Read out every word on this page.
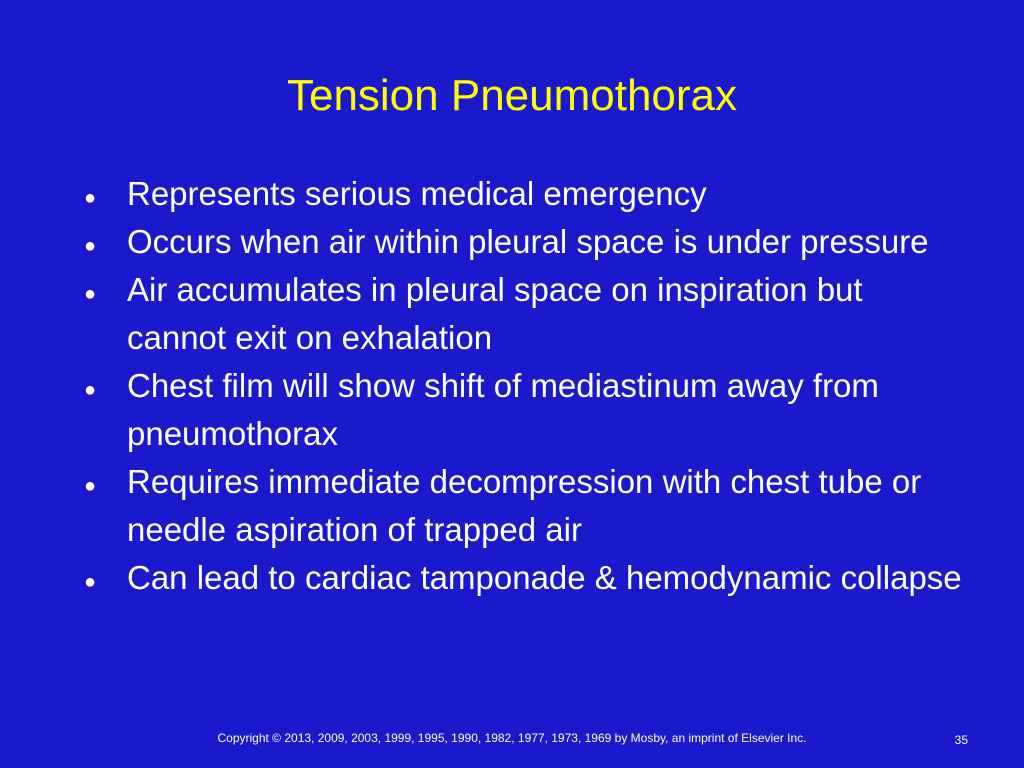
Tension Pneumothorax
● Represents serious medical emergency
● Occurs when air within pleural space is under pressure
● Air accumulates in pleural space on inspiration but cannot exit on exhalation
● Chest film will show shift of mediastinum away from pneumothorax
● Requires immediate decompression with chest tube or needle aspiration of trapped air
● Can lead to cardiac tamponade & hemodynamic collapse
Copyright © 2013, 2009, 2003, 1999, 1995, 1990, 1982, 1977, 1973, 1969 by Mosby, an imprint of Elsevier Inc.	35
